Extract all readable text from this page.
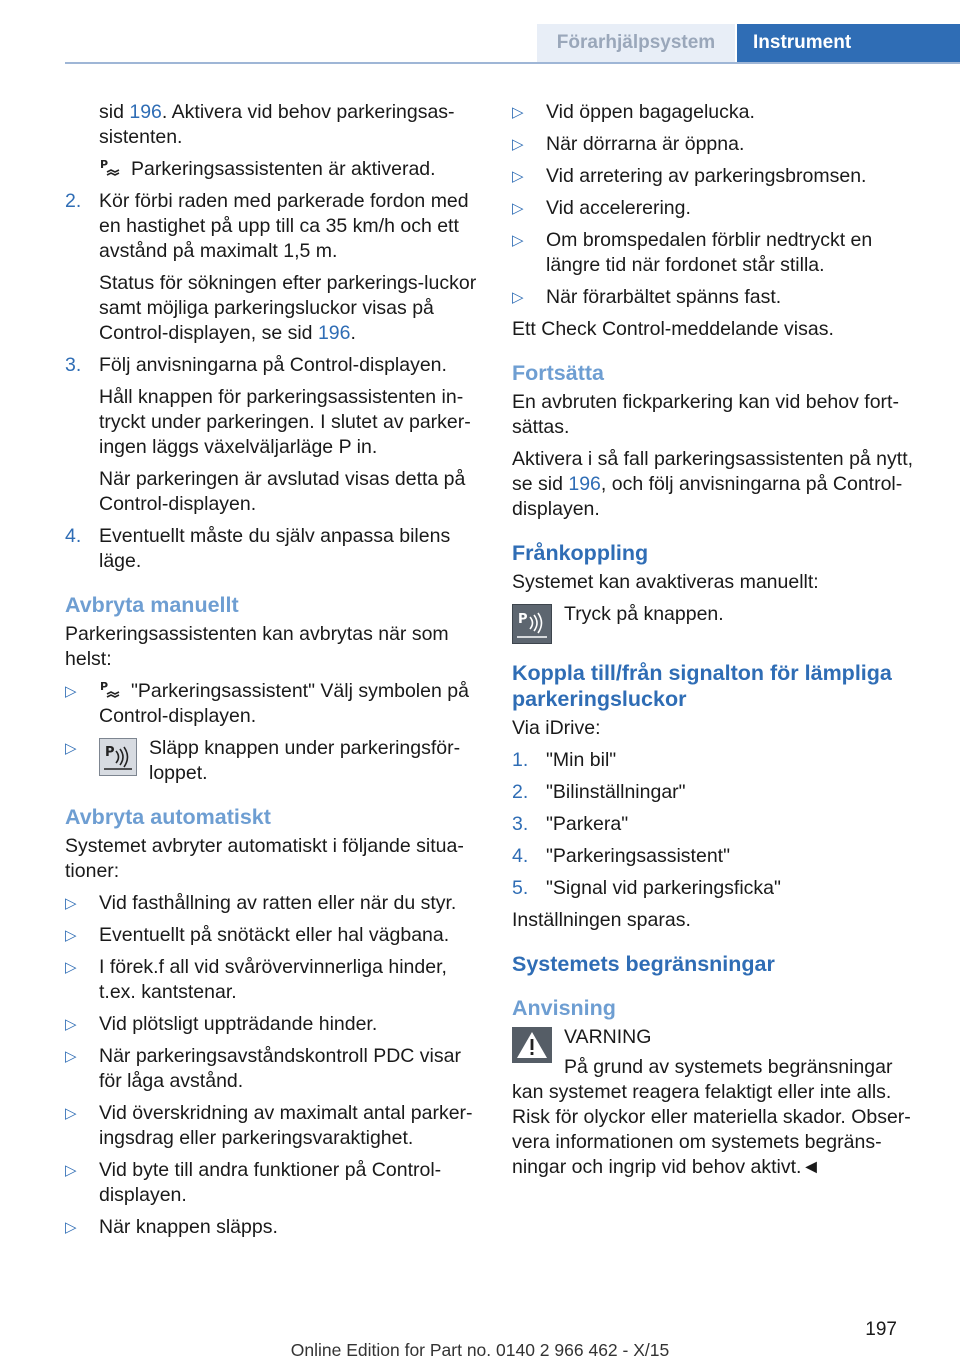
Förarhjälpsystem	Instrument

sid 196. Aktivera vid behov parkeringsas-sistenten.

P Parkeringsassistenten är aktiverad.

2. Kör förbi raden med parkerade fordon med en hastighet på upp till ca 35 km/h och ett avstånd på maximalt 1,5 m.

Status för sökningen efter parkerings-luckor samt möjliga parkeringsluckor visas på Control-displayen, se sid 196.

3. Följ anvisningarna på Control-displayen.

Håll knappen för parkeringsassistenten in-tryckt under parkeringen. I slutet av parker-ingen läggs växelväljarläge P in.

När parkeringen är avslutad visas detta på Control-displayen.

4. Eventuellt måste du själv anpassa bilens läge.

Avbryta manuellt

Parkeringsassistenten kan avbrytas när som helst:

▷ P "Parkeringsassistent" Välj symbolen på Control-displayen.

▷ P Släpp knappen under parkeringsför-loppet.
Avbryta automatiskt

Systemet avbryter automatiskt i följande situa-tioner:

▷ Vid fasthållning av ratten eller när du styr.

▷ Eventuellt på snötäckt eller hal vägbana.

▷ I förek.f all vid svårövervinnerliga hinder, t.ex. kantstenar.

▷ Vid plötsligt uppträdande hinder.

▷ När parkeringsavståndskontroll PDC visar för låga avstånd.

▷ Vid överskridning av maximalt antal parker-ingsdrag eller parkeringsvaraktighet.

▷ Vid byte till andra funktioner på Control-displayen.

▷ När knappen släpps.

▷ Vid öppen bagagelucka.

▷ När dörrarna är öppna.

▷ Vid arretering av parkeringsbromsen.

▷ Vid accelerering.

▷ Om bromspedalen förblir nedtryckt en längre tid när fordonet står stilla.

▷ När förarbältet spänns fast.

Ett Check Control-meddelande visas.

Fortsätta

En avbruten fickparkering kan vid behov fort-sättas.

Aktivera i så fall parkeringsassistenten på nytt, se sid 196, och följ anvisningarna på Control-displayen.

Frånkoppling

Systemet kan avaktiveras manuellt:

P Tryck på knappen.
Koppla till/från signalton för lämpliga parkeringsluckor

Via iDrive:

1. "Min bil"

2. "Bilinställningar"

3. "Parkera"

4. "Parkeringsassistent"

5. "Signal vid parkeringsficka"

Inställningen sparas.

Systemets begränsningar
Anvisning

VARNING

På grund av systemets begränsningar kan systemet reagera felaktigt eller inte alls. Risk för olyckor eller materiella skador. Obser-vera informationen om systemets begräns-ningar och ingrip vid behov aktivt.◄

197
Online Edition for Part no. 0140 2 966 462 - X/15
